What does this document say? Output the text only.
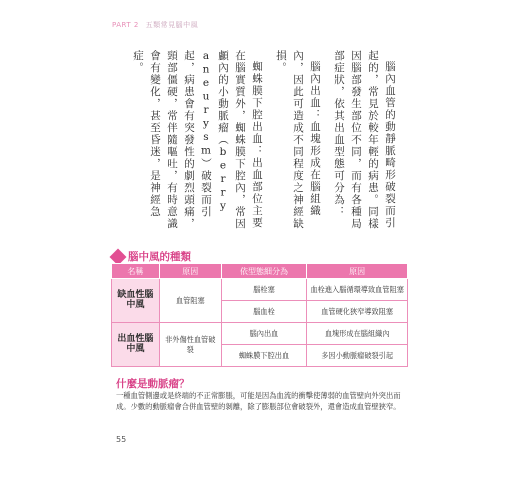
PART 2 五類常見腦中風

腦內血管的動靜脈畸形破裂而引起的，常見於較年輕的病患。同樣因腦部發生部位不同，而有各種局部症狀，依其出血型態可分為：

腦內出血：血塊形成在腦組織內，因此可造成不同程度之神經缺損。

蜘蛛膜下腔出血：出血部位主要在腦實質外，蜘蛛膜下腔內，常因顱內的小動脈瘤（berry aneurysm）破裂而引起，病患會有突發性的劇烈頭痛，頸部僵硬，常伴隨嘔吐，有時意識會有變化，甚至昏迷，是神經急症。

腦中風的種類
名稱	原因	依型態細分為	原因
缺血性腦中風	血管阻塞	腦栓塞	血栓進入腦循環導致血管阻塞
		腦血栓	血管硬化狹窄導致阻塞
出血性腦中風	非外傷性血管破裂	腦內出血	血塊形成在腦組織內
		蜘蛛膜下腔出血	多因小動脈瘤破裂引起
什麼是動脈瘤？
一種血管側邊或是終端的不正常膨脹，可能是因為血流的衝擊使薄弱的血管壁向外突出而成。少數的動脈瘤會合併血管壁的剝離，除了膨脹部位會破裂外，還會造成血管壁狹窄。
55
